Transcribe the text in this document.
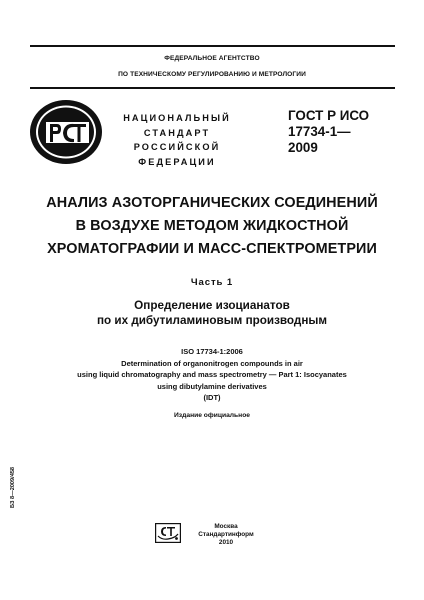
ФЕДЕРАЛЬНОЕ АГЕНТСТВО
ПО ТЕХНИЧЕСКОМУ РЕГУЛИРОВАНИЮ И МЕТРОЛОГИИ
НАЦИОНАЛЬНЫЙ
СТАНДАРТ
РОССИЙСКОЙ
ФЕДЕРАЦИИ
ГОСТ Р ИСО
17734-1—
2009
АНАЛИЗ АЗОТОРГАНИЧЕСКИХ СОЕДИНЕНИЙ
В ВОЗДУХЕ МЕТОДОМ ЖИДКОСТНОЙ
ХРОМАТОГРАФИИ И МАСС-СПЕКТРОМЕТРИИ
Часть 1
Определение изоцианатов
по их дибутиламиновым производным
ISO 17734-1:2006
Determination of organonitrogen compounds in air
using liquid chromatography and mass spectrometry — Part 1: Isocyanates
using dibutylamine derivatives
(IDT)
Издание официальное
БЗ 8—2009/458
Москва
Стандартинформ
2010
